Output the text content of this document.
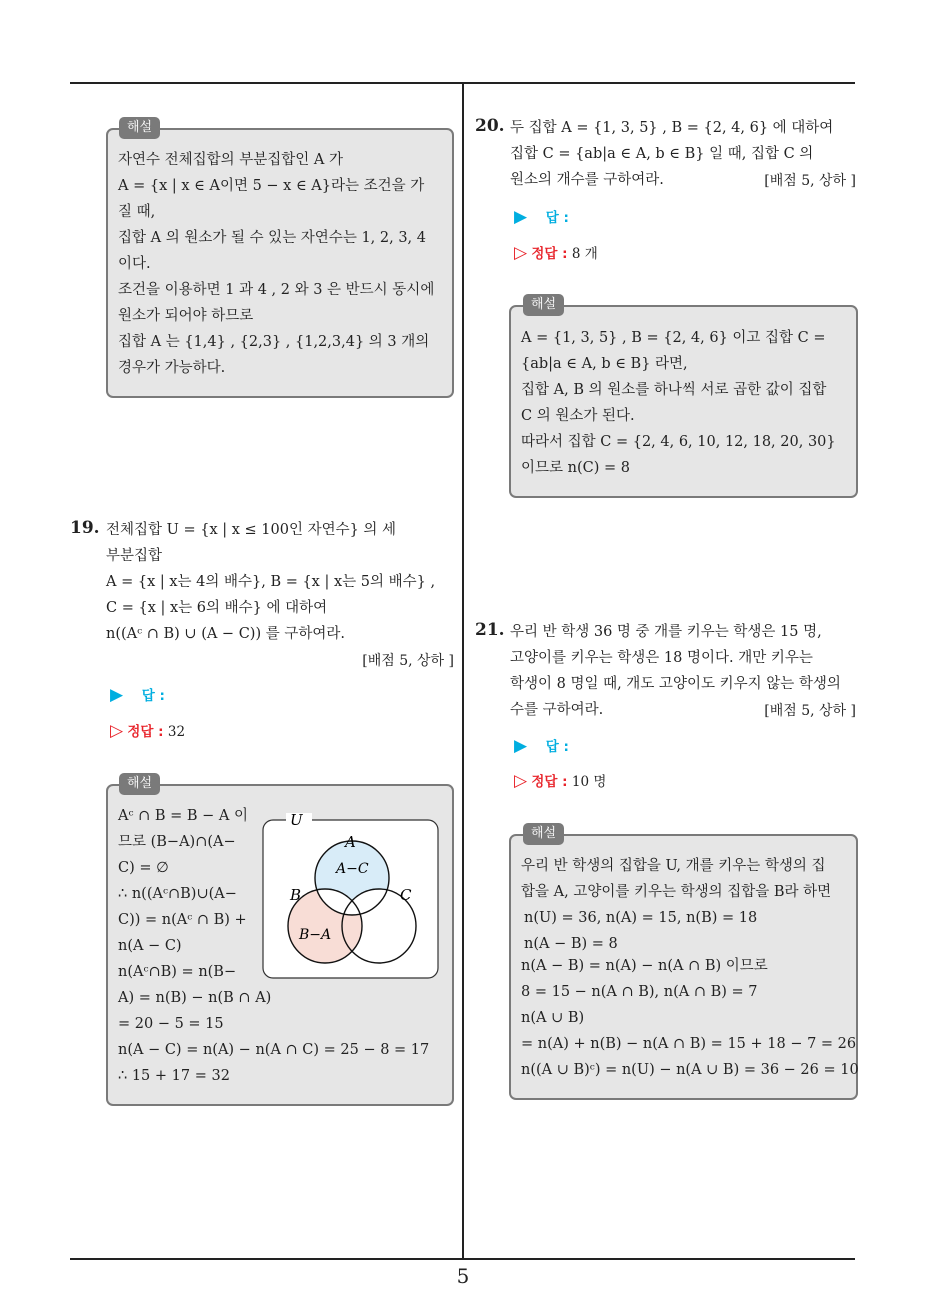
해설
자연수 전체집합의 부분집합인 A 가
A = {x | x ∈ A이면 5 − x ∈ A}라는 조건을 가
질 때,
집합 A 의 원소가 될 수 있는 자연수는 1, 2, 3, 4
이다.
조건을 이용하면 1 과 4 , 2 와 3 은 반드시 동시에
원소가 되어야 하므로
집합 A 는 {1,4} , {2,3} , {1,2,3,4} 의 3 개의
경우가 가능하다.
19. 전체집합 U = {x | x ≤ 100인 자연수} 의 세
부분집합
A = {x | x는 4의 배수}, B = {x | x는 5의 배수} ,
C = {x | x는 6의 배수} 에 대하여
n((Aᶜ ∩ B) ∪ (A − C)) 를 구하여라.
[배점 5, 상하 ]
▶ 답 :
▷ 정답 : 32
해설
Aᶜ ∩ B = B − A 이
므로 (B−A)∩(A−
C) = ∅
∴ n((Aᶜ∩B)∪(A−
C)) = n(Aᶜ ∩ B) +
n(A − C)
n(Aᶜ∩B) = n(B−
A) = n(B) − n(B ∩ A)
= 20 − 5 = 15
n(A − C) = n(A) − n(A ∩ C) = 25 − 8 = 17
∴ 15 + 17 = 32
U
A
A−C
B	C
B−A
20. 두 집합 A = {1, 3, 5} , B = {2, 4, 6} 에 대하여
집합 C = {ab|a ∈ A, b ∈ B} 일 때, 집합 C 의
원소의 개수를 구하여라.	[배점 5, 상하 ]
▶ 답 :
▷ 정답 : 8 개
해설
A = {1, 3, 5} , B = {2, 4, 6} 이고 집합 C =
{ab|a ∈ A, b ∈ B} 라면,
집합 A, B 의 원소를 하나씩 서로 곱한 값이 집합
C 의 원소가 된다.
따라서 집합 C = {2, 4, 6, 10, 12, 18, 20, 30}
이므로 n(C) = 8
21. 우리 반 학생 36 명 중 개를 키우는 학생은 15 명,
고양이를 키우는 학생은 18 명이다. 개만 키우는
학생이 8 명일 때, 개도 고양이도 키우지 않는 학생의
수를 구하여라.	[배점 5, 상하 ]
▶ 답 :
▷ 정답 : 10 명
해설
우리 반 학생의 집합을 U, 개를 키우는 학생의 집
합을 A, 고양이를 키우는 학생의 집합을 B라 하면
n(U) = 36, n(A) = 15, n(B) = 18
n(A − B) = 8
n(A − B) = n(A) − n(A ∩ B) 이므로
8 = 15 − n(A ∩ B), n(A ∩ B) = 7
n(A ∪ B)
= n(A) + n(B) − n(A ∩ B) = 15 + 18 − 7 = 26
n((A ∪ B)ᶜ) = n(U) − n(A ∪ B) = 36 − 26 = 10
5
